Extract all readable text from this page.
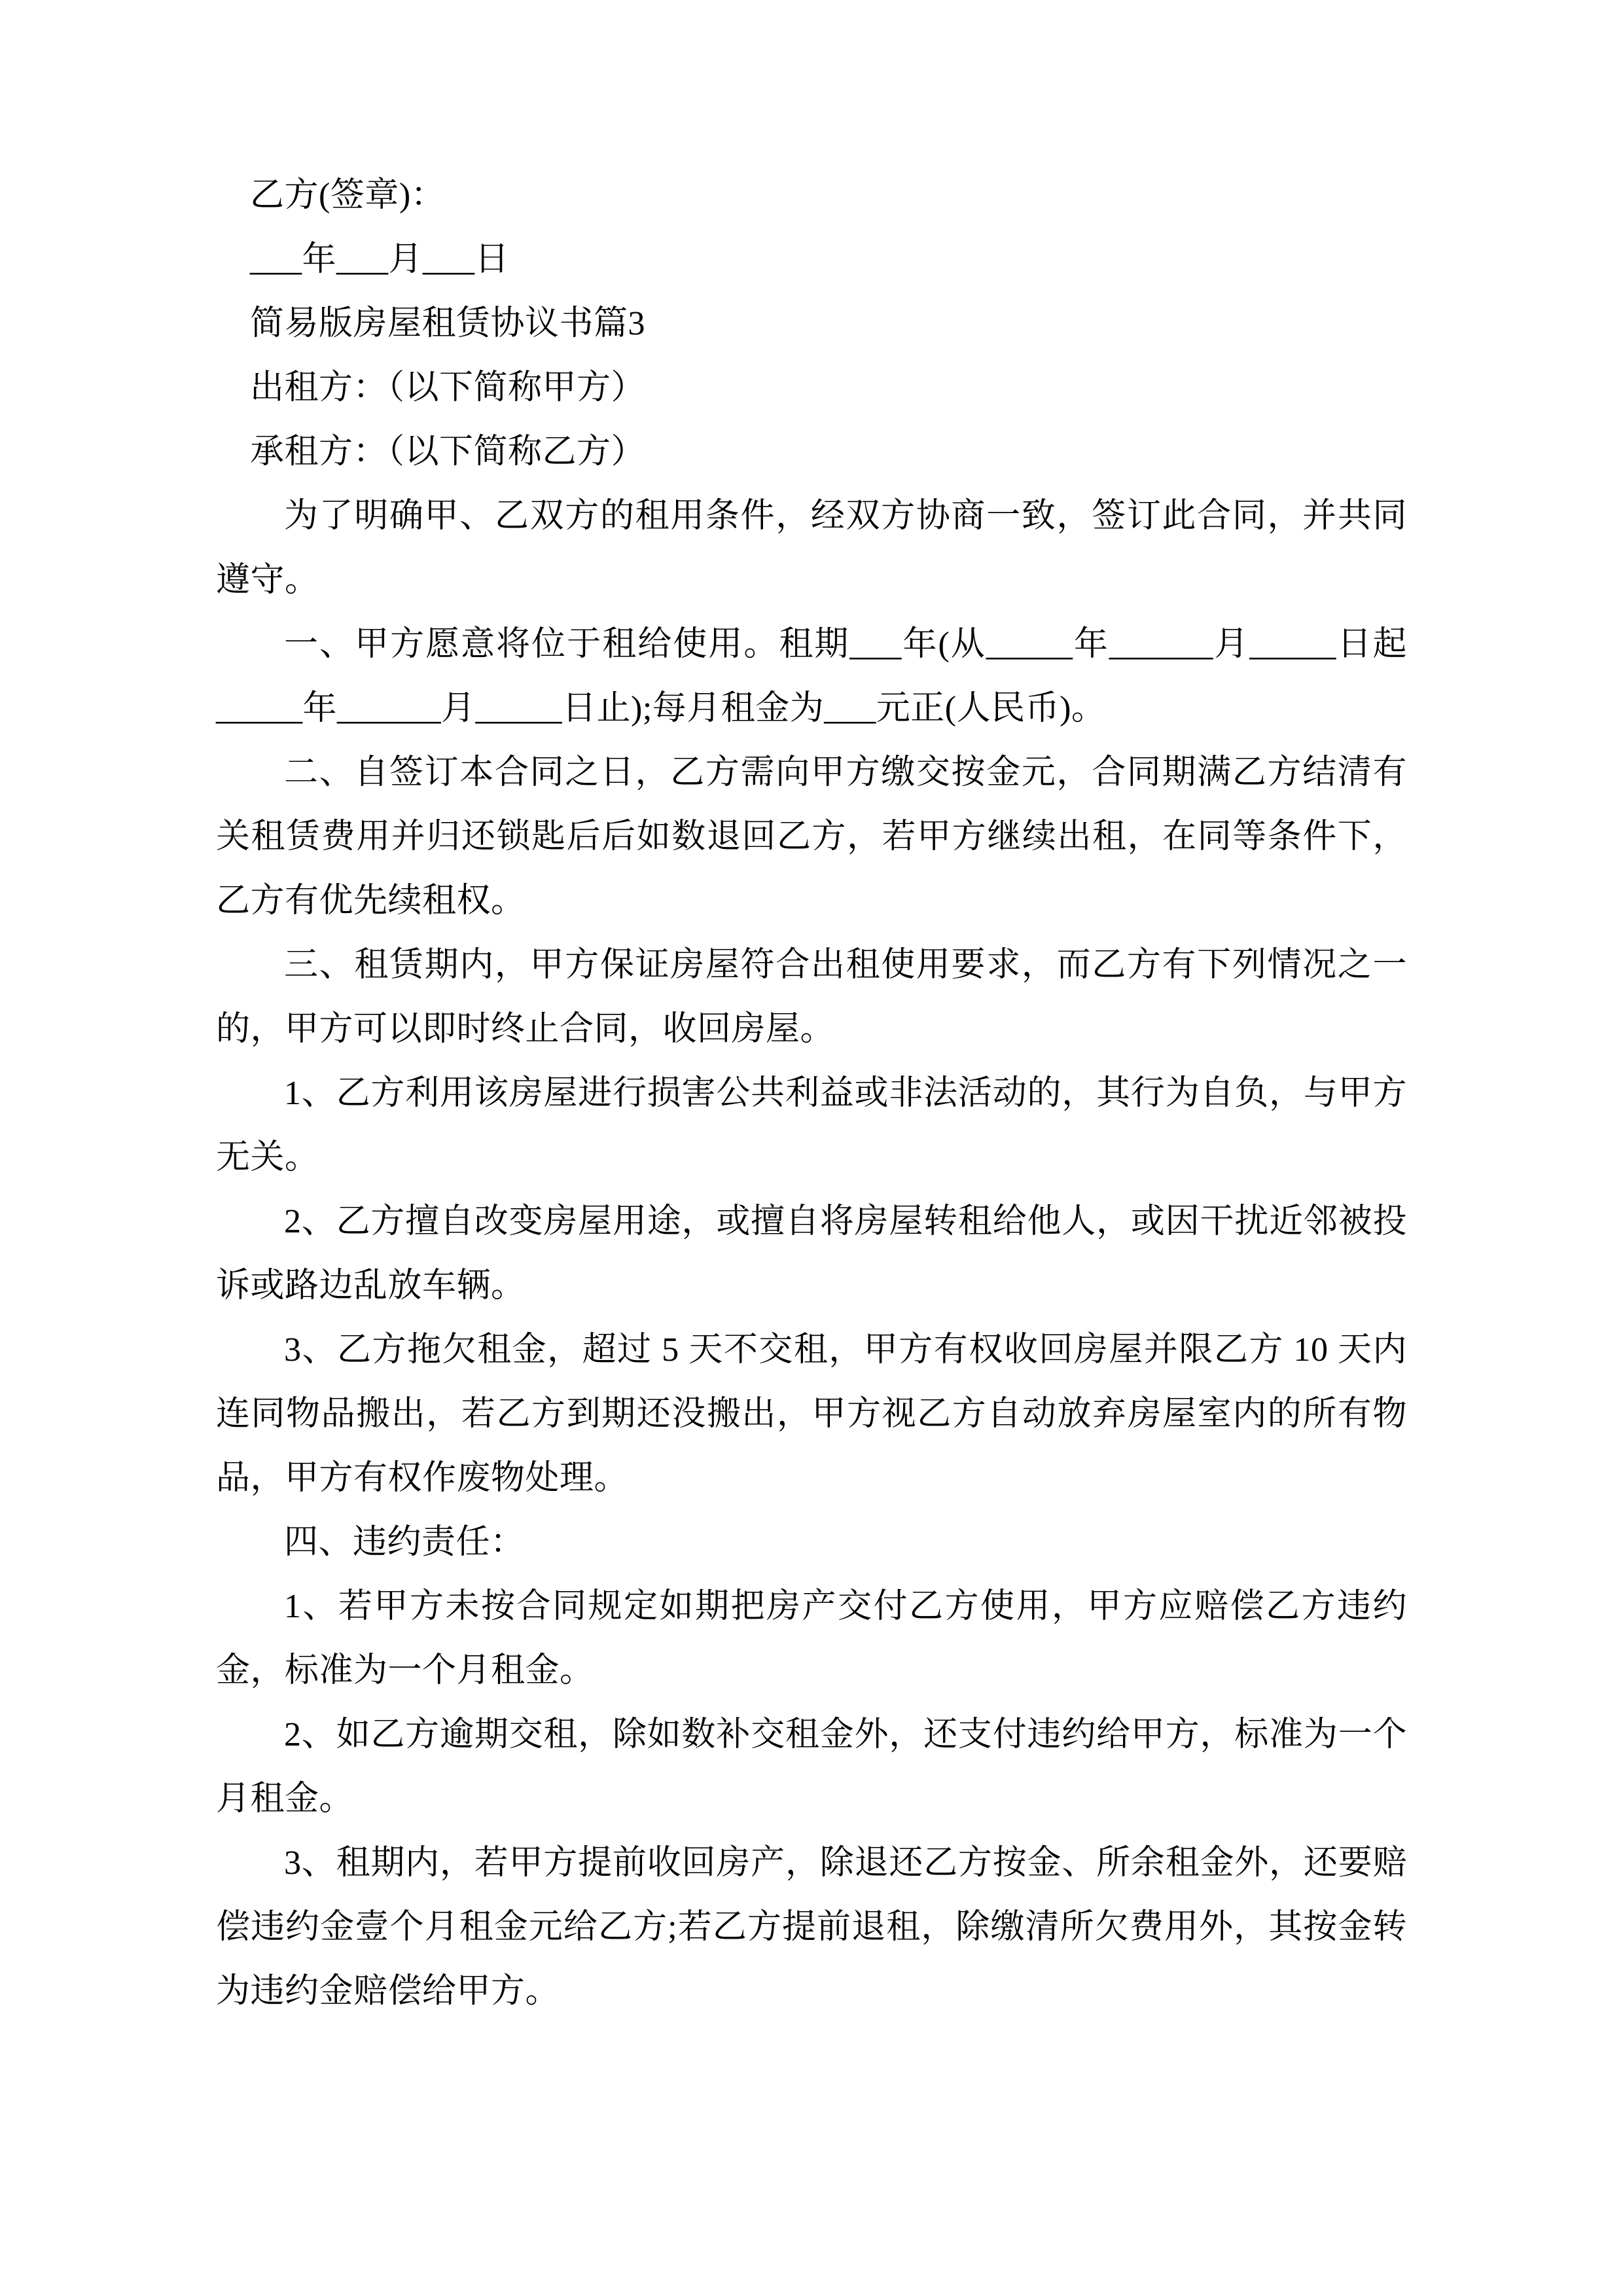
乙方(签章)：

___年___月___日

简易版房屋租赁协议书篇3

出租方：（以下简称甲方）

承租方：（以下简称乙方）

为了明确甲、乙双方的租用条件，经双方协商一致，签订此合同，并共同遵守。

一、甲方愿意将位于租给使用。租期___年(从_____年______月_____日起_____年______月_____日止);每月租金为___元正(人民币)。

二、自签订本合同之日，乙方需向甲方缴交按金元，合同期满乙方结清有关租赁费用并归还锁匙后后如数退回乙方，若甲方继续出租，在同等条件下，乙方有优先续租权。

三、租赁期内，甲方保证房屋符合出租使用要求，而乙方有下列情况之一的，甲方可以即时终止合同，收回房屋。

1、乙方利用该房屋进行损害公共利益或非法活动的，其行为自负，与甲方无关。

2、乙方擅自改变房屋用途，或擅自将房屋转租给他人，或因干扰近邻被投诉或路边乱放车辆。

3、乙方拖欠租金，超过 5 天不交租，甲方有权收回房屋并限乙方 10 天内连同物品搬出，若乙方到期还没搬出，甲方视乙方自动放弃房屋室内的所有物品，甲方有权作废物处理。

四、违约责任：

1、若甲方未按合同规定如期把房产交付乙方使用，甲方应赔偿乙方违约金，标准为一个月租金。

2、如乙方逾期交租，除如数补交租金外，还支付违约给甲方，标准为一个月租金。

3、租期内，若甲方提前收回房产，除退还乙方按金、所余租金外，还要赔偿违约金壹个月租金元给乙方;若乙方提前退租，除缴清所欠费用外，其按金转为违约金赔偿给甲方。
